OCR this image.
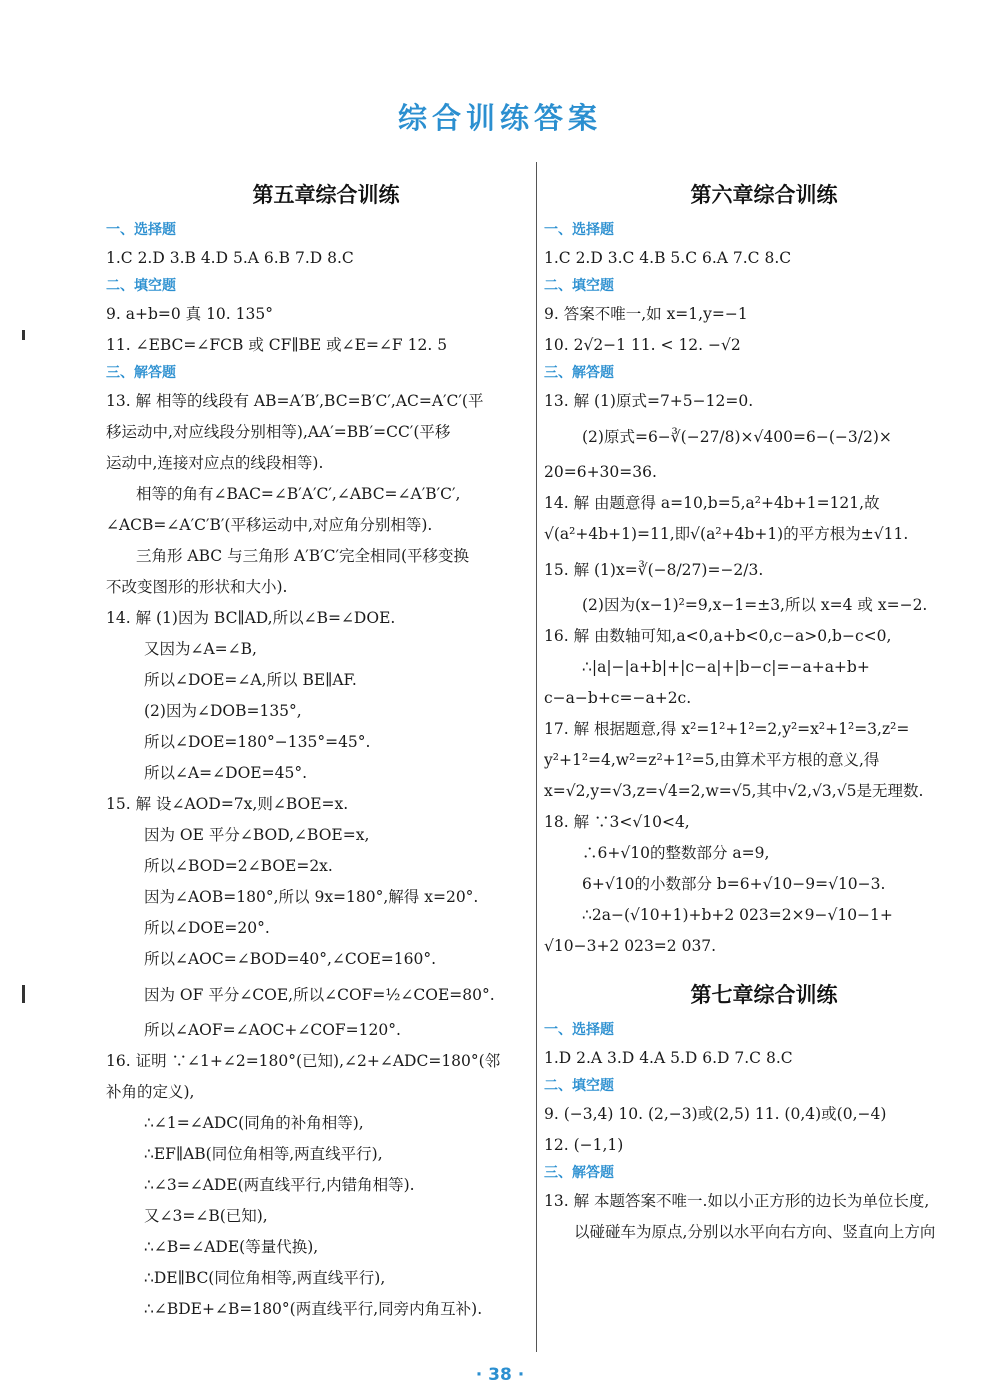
综合训练答案
第五章综合训练
一、选择题
1.C 2.D 3.B 4.D 5.A 6.B 7.D 8.C
二、填空题
9. a+b=0 真 10. 135°
11. ∠EBC=∠FCB 或 CF∥BE 或∠E=∠F 12. 5
三、解答题
13. 解 相等的线段有 AB=A′B′,BC=B′C′,AC=A′C′(平
移运动中,对应线段分别相等),AA′=BB′=CC′(平移
运动中,连接对应点的线段相等).
相等的角有∠BAC=∠B′A′C′,∠ABC=∠A′B′C′,
∠ACB=∠A′C′B′(平移运动中,对应角分别相等).
三角形 ABC 与三角形 A′B′C′完全相同(平移变换
不改变图形的形状和大小).
14. 解 (1)因为 BC∥AD,所以∠B=∠DOE.
又因为∠A=∠B,
所以∠DOE=∠A,所以 BE∥AF.
(2)因为∠DOB=135°,
所以∠DOE=180°−135°=45°.
所以∠A=∠DOE=45°.
15. 解 设∠AOD=7x,则∠BOE=x.
因为 OE 平分∠BOD,∠BOE=x,
所以∠BOD=2∠BOE=2x.
因为∠AOB=180°,所以 9x=180°,解得 x=20°.
所以∠DOE=20°.
所以∠AOC=∠BOD=40°,∠COE=160°.
因为 OF 平分∠COE,所以∠COF=½∠COE=80°.
所以∠AOF=∠AOC+∠COF=120°.
16. 证明 ∵∠1+∠2=180°(已知),∠2+∠ADC=180°(邻
补角的定义),
∴∠1=∠ADC(同角的补角相等),
∴EF∥AB(同位角相等,两直线平行),
∴∠3=∠ADE(两直线平行,内错角相等).
又∠3=∠B(已知),
∴∠B=∠ADE(等量代换),
∴DE∥BC(同位角相等,两直线平行),
∴∠BDE+∠B=180°(两直线平行,同旁内角互补).
第六章综合训练
一、选择题
1.C 2.D 3.C 4.B 5.C 6.A 7.C 8.C
二、填空题
9. 答案不唯一,如 x=1,y=−1
10. 2√2−1 11. < 12. −√2
三、解答题
13. 解 (1)原式=7+5−12=0.
(2)原式=6−∛(−27/8)×√400=6−(−3/2)×
20=6+30=36.
14. 解 由题意得 a=10,b=5,a²+4b+1=121,故
√(a²+4b+1)=11,即√(a²+4b+1)的平方根为±√11.
15. 解 (1)x=∛(−8/27)=−2/3.
(2)因为(x−1)²=9,x−1=±3,所以 x=4 或 x=−2.
16. 解 由数轴可知,a<0,a+b<0,c−a>0,b−c<0,
∴|a|−|a+b|+|c−a|+|b−c|=−a+a+b+
c−a−b+c=−a+2c.
17. 解 根据题意,得 x²=1²+1²=2,y²=x²+1²=3,z²=
y²+1²=4,w²=z²+1²=5,由算术平方根的意义,得
x=√2,y=√3,z=√4=2,w=√5,其中√2,√3,√5是无理数.
18. 解 ∵3<√10<4,
∴6+√10的整数部分 a=9,
6+√10的小数部分 b=6+√10−9=√10−3.
∴2a−(√10+1)+b+2 023=2×9−√10−1+
√10−3+2 023=2 037.
第七章综合训练
一、选择题
1.D 2.A 3.D 4.A 5.D 6.D 7.C 8.C
二、填空题
9. (−3,4) 10. (2,−3)或(2,5) 11. (0,4)或(0,−4)
12. (−1,1)
三、解答题
13. 解 本题答案不唯一.如以小正方形的边长为单位长度,
以碰碰车为原点,分别以水平向右方向、竖直向上方向
· 38 ·
